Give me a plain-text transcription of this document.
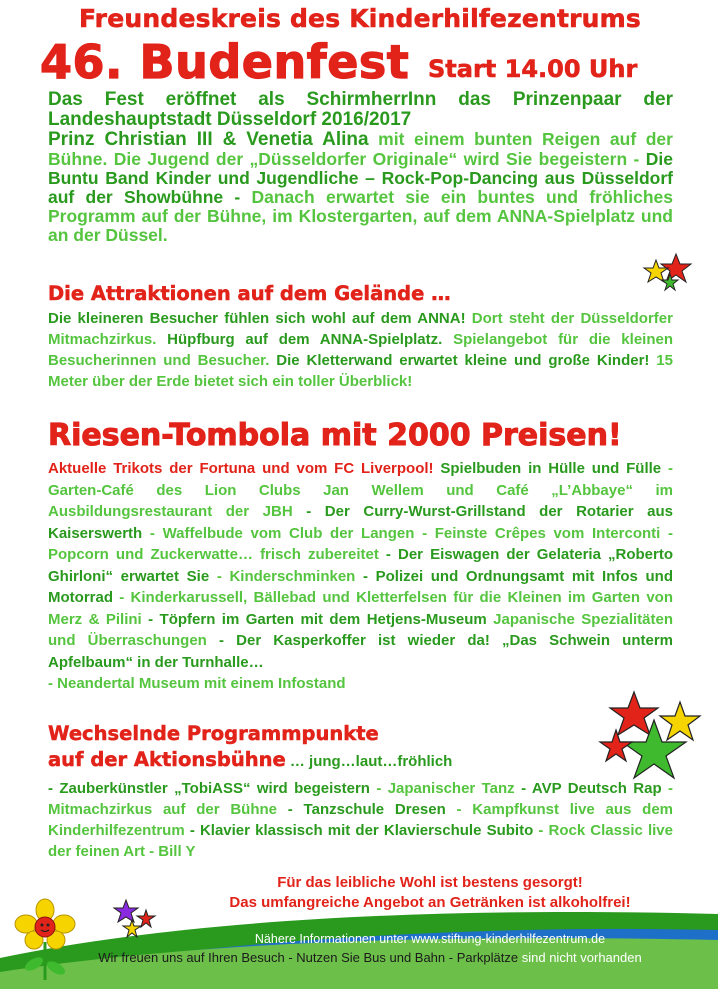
Freundeskreis des Kinderhilfezentrums
46. Budenfest Start 14.00 Uhr
Das Fest eröffnet als SchirmherrInn das Prinzenpaar der Landeshauptstadt Düsseldorf 2016/2017
Prinz Christian III & Venetia Alina mit einem bunten Reigen auf der Bühne. Die Jugend der „Düsseldorfer Originale“ wird Sie begeistern - Die Buntu Band Kinder und Jugendliche – Rock-Pop-Dancing aus Düsseldorf auf der Showbühne - Danach erwartet sie ein buntes und fröhliches Programm auf der Bühne, im Klostergarten, auf dem ANNA-Spielplatz und an der Düssel.
Die Attraktionen auf dem Gelände …
Die kleineren Besucher fühlen sich wohl auf dem ANNA! Dort steht der Düsseldorfer Mitmachzirkus. Hüpfburg auf dem ANNA-Spielplatz. Spielangebot für die kleinen Besucherinnen und Besucher. Die Kletterwand erwartet kleine und große Kinder! 15 Meter über der Erde bietet sich ein toller Überblick!
Riesen-Tombola mit 2000 Preisen!
Aktuelle Trikots der Fortuna und vom FC Liverpool! Spielbuden in Hülle und Fülle - Garten-Café des Lion Clubs Jan Wellem und Café „L’Abbaye“ im Ausbildungsrestaurant der JBH - Der Curry-Wurst-Grillstand der Rotarier aus Kaiserswerth - Waffelbude vom Club der Langen - Feinste Crêpes vom Interconti - Popcorn und Zuckerwatte… frisch zubereitet - Der Eiswagen der Gelateria „Roberto Ghirloni“ erwartet Sie - Kinderschminken - Polizei und Ordnungsamt mit Infos und Motorrad - Kinderkarussell, Bällebad und Kletterfelsen für die Kleinen im Garten von Merz & Pilini - Töpfern im Garten mit dem Hetjens-Museum Japanische Spezialitäten und Überraschungen - Der Kasperkoffer ist wieder da! „Das Schwein unterm Apfelbaum“ in der Turnhalle…
- Neandertal Museum mit einem Infostand
Wechselnde Programmpunkte
auf der Aktionsbühne … jung…laut…fröhlich
- Zauberkünstler „TobiASS“ wird begeistern - Japanischer Tanz - AVP Deutsch Rap - Mitmachzirkus auf der Bühne - Tanzschule Dresen - Kampfkunst live aus dem Kinderhilfezentrum - Klavier klassisch mit der Klavierschule Subito - Rock Classic live der feinen Art - Bill Y
Für das leibliche Wohl ist bestens gesorgt!
Das umfangreiche Angebot an Getränken ist alkoholfrei!
Nähere Informationen unter www.stiftung-kinderhilfezentrum.de
Wir freuen uns auf Ihren Besuch - Nutzen Sie Bus und Bahn - Parkplätze sind nicht vorhanden
